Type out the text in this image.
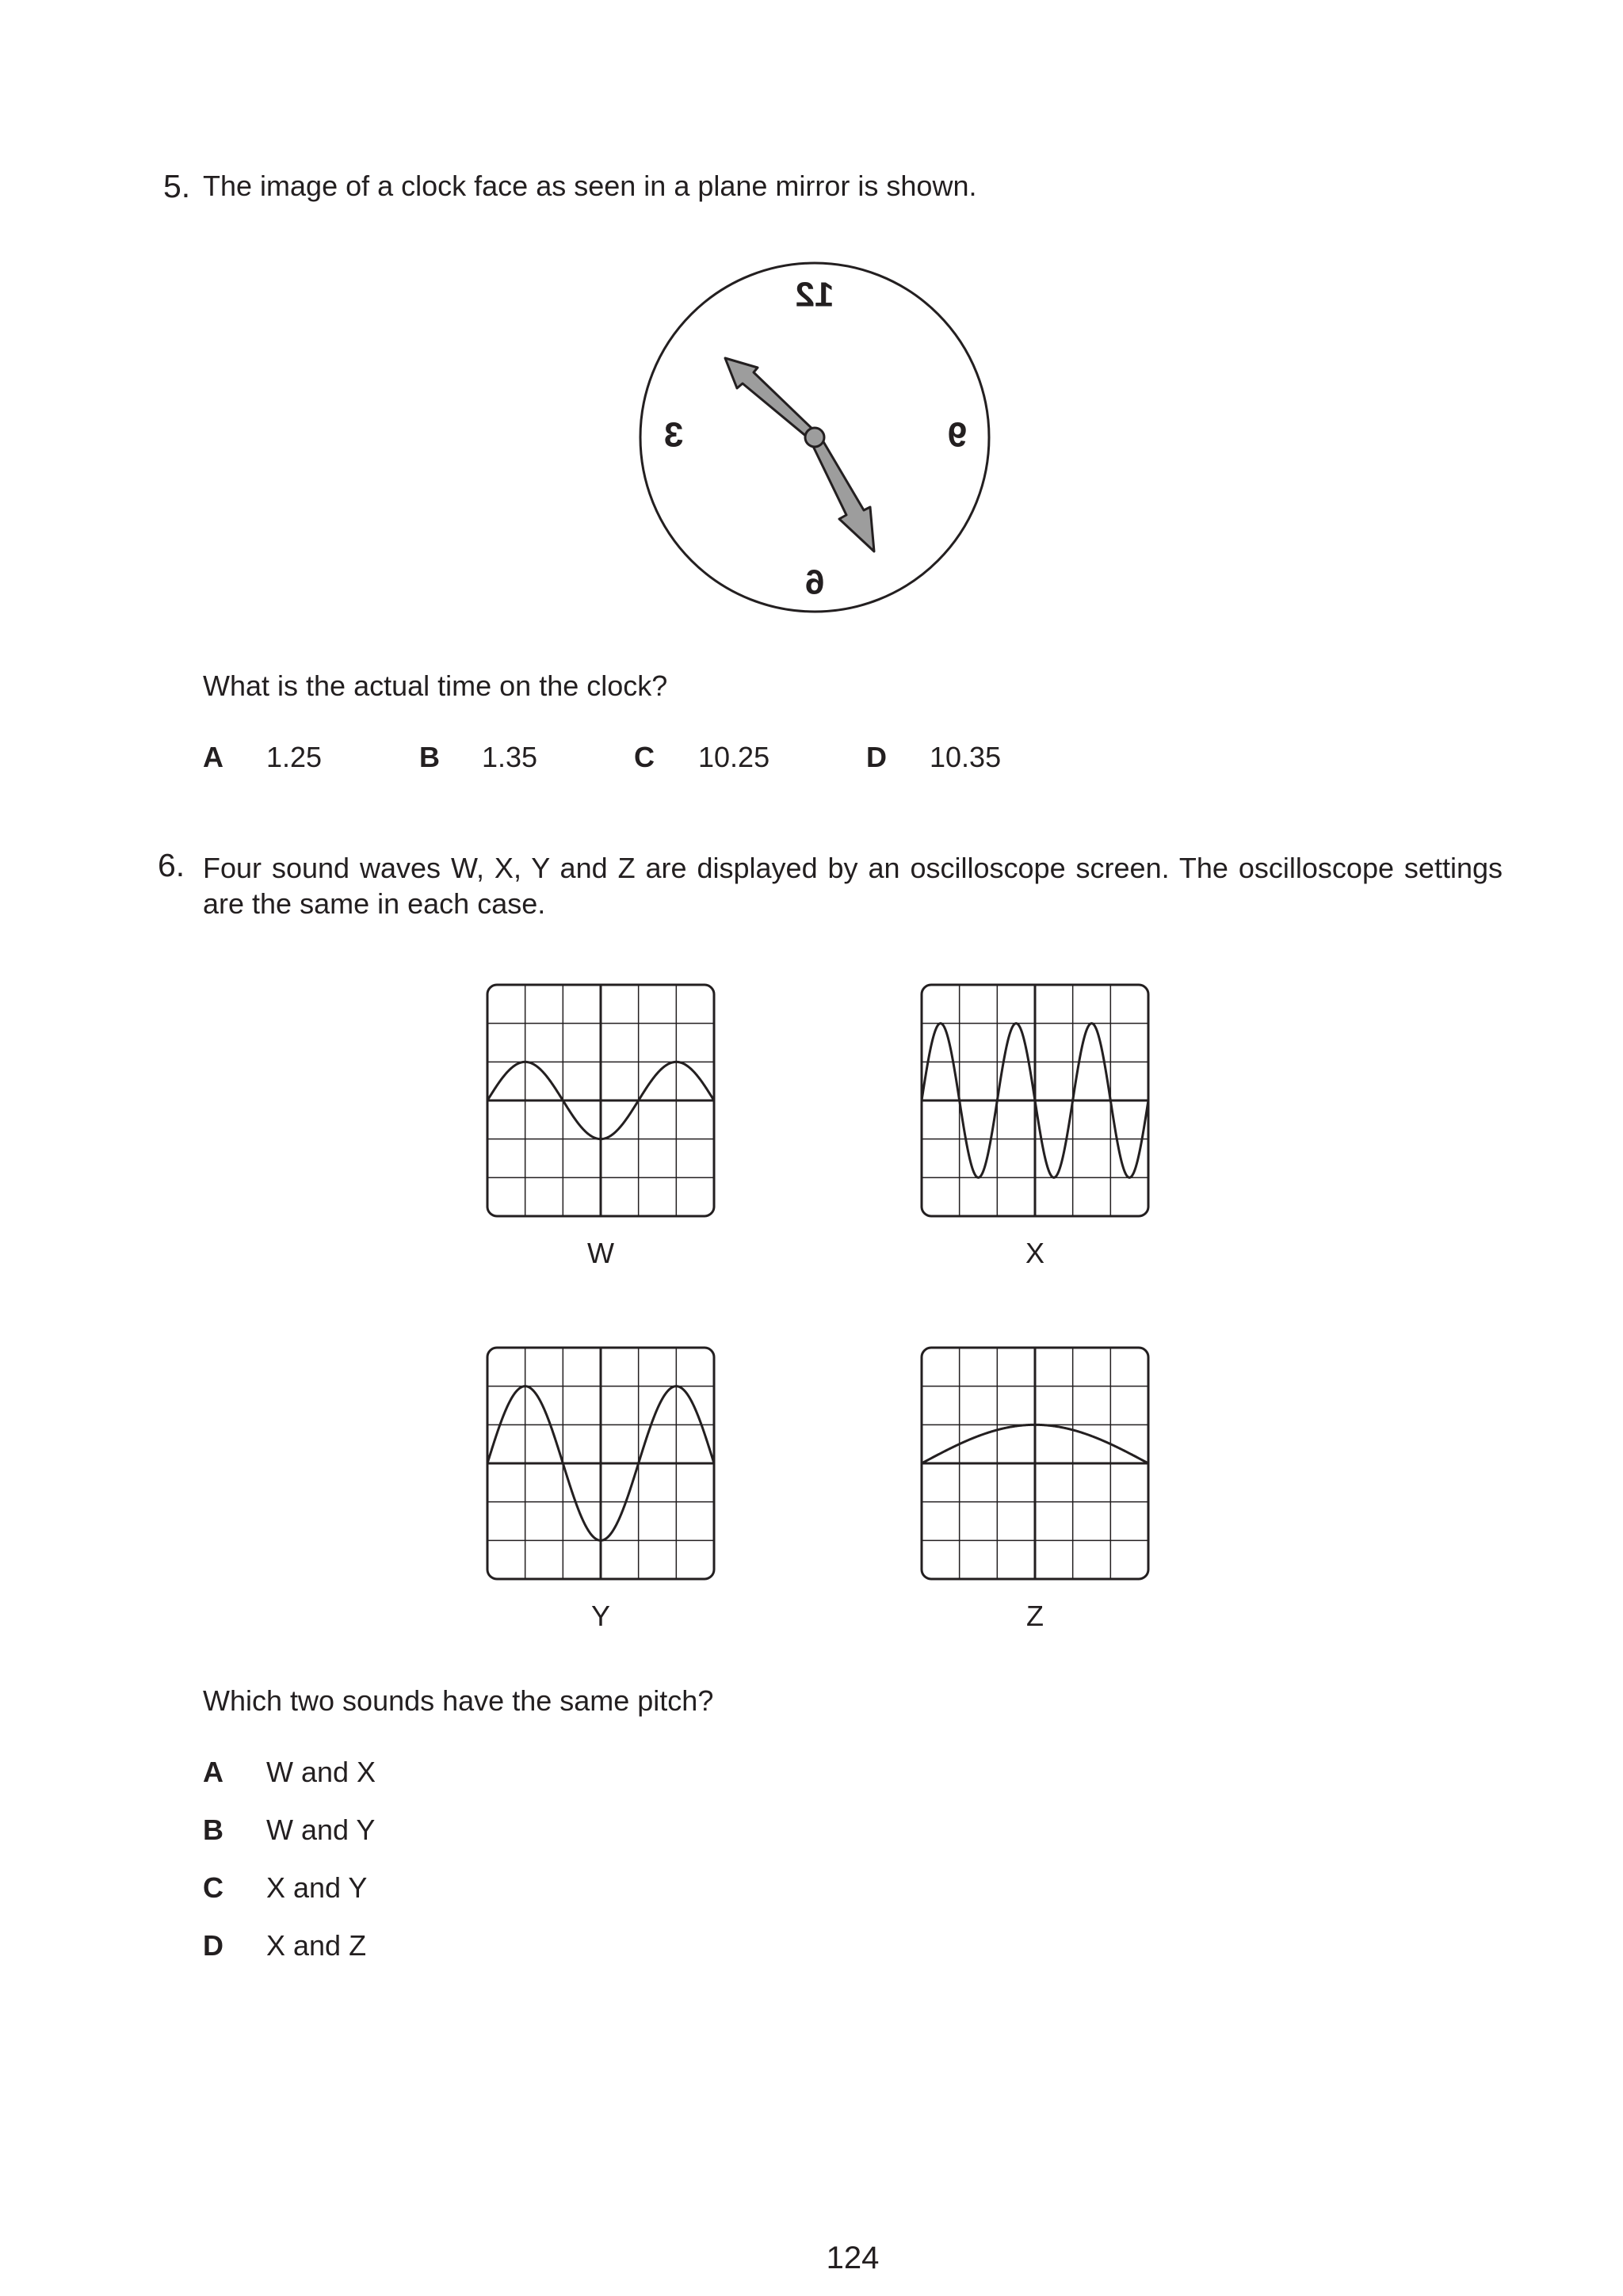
5. The image of a clock face as seen in a plane mirror is shown.
12
3	9
6
What is the actual time on the clock?
A 1.25	B 1.35	C 10.25	D 10.35
6. Four sound waves W, X, Y and Z are displayed by an oscilloscope screen. The oscilloscope settings are the same in each case.
W	X
Y	Z
Which two sounds have the same pitch?
A W and X
B W and Y
C X and Y
D X and Z
124
